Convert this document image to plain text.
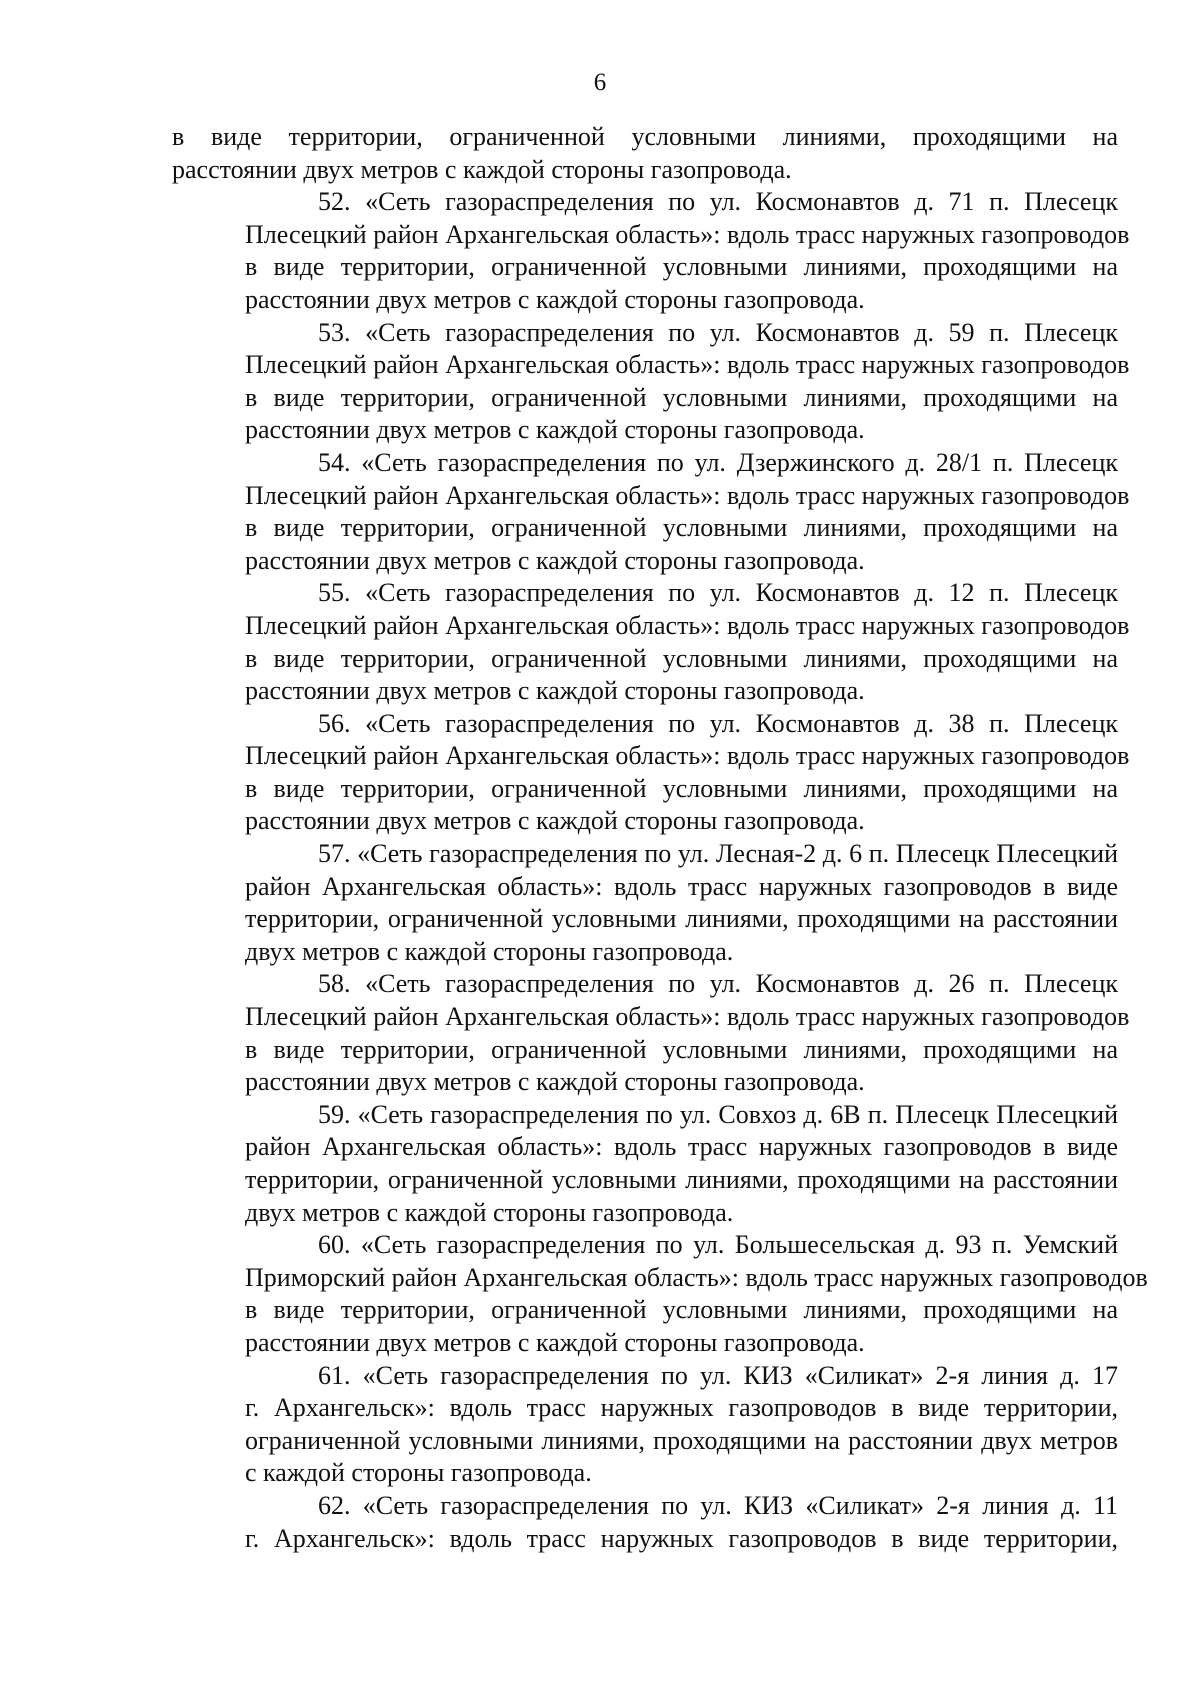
6

в виде территории, ограниченной условными линиями, проходящими на
расстоянии двух метров с каждой стороны газопровода.

52. «Сеть газораспределения по ул. Космонавтов д. 71 п. Плесецк
Плесецкий район Архангельская область»: вдоль трасс наружных газопроводов
в виде территории, ограниченной условными линиями, проходящими на
расстоянии двух метров с каждой стороны газопровода.

53. «Сеть газораспределения по ул. Космонавтов д. 59 п. Плесецк
Плесецкий район Архангельская область»: вдоль трасс наружных газопроводов
в виде территории, ограниченной условными линиями, проходящими на
расстоянии двух метров с каждой стороны газопровода.

54. «Сеть газораспределения по ул. Дзержинского д. 28/1 п. Плесецк
Плесецкий район Архангельская область»: вдоль трасс наружных газопроводов
в виде территории, ограниченной условными линиями, проходящими на
расстоянии двух метров с каждой стороны газопровода.

55. «Сеть газораспределения по ул. Космонавтов д. 12 п. Плесецк
Плесецкий район Архангельская область»: вдоль трасс наружных газопроводов
в виде территории, ограниченной условными линиями, проходящими на
расстоянии двух метров с каждой стороны газопровода.

56. «Сеть газораспределения по ул. Космонавтов д. 38 п. Плесецк
Плесецкий район Архангельская область»: вдоль трасс наружных газопроводов
в виде территории, ограниченной условными линиями, проходящими на
расстоянии двух метров с каждой стороны газопровода.

57. «Сеть газораспределения по ул. Лесная-2 д. 6 п. Плесецк Плесецкий
район Архангельская область»: вдоль трасс наружных газопроводов в виде
территории, ограниченной условными линиями, проходящими на расстоянии
двух метров с каждой стороны газопровода.

58. «Сеть газораспределения по ул. Космонавтов д. 26 п. Плесецк
Плесецкий район Архангельская область»: вдоль трасс наружных газопроводов
в виде территории, ограниченной условными линиями, проходящими на
расстоянии двух метров с каждой стороны газопровода.

59. «Сеть газораспределения по ул. Совхоз д. 6В п. Плесецк Плесецкий
район Архангельская область»: вдоль трасс наружных газопроводов в виде
территории, ограниченной условными линиями, проходящими на расстоянии
двух метров с каждой стороны газопровода.

60. «Сеть газораспределения по ул. Большесельская д. 93 п. Уемский
Приморский район Архангельская область»: вдоль трасс наружных газопроводов
в виде территории, ограниченной условными линиями, проходящими на
расстоянии двух метров с каждой стороны газопровода.

61. «Сеть газораспределения по ул. КИЗ «Силикат» 2-я линия д. 17
г. Архангельск»: вдоль трасс наружных газопроводов в виде территории,
ограниченной условными линиями, проходящими на расстоянии двух метров
с каждой стороны газопровода.

62. «Сеть газораспределения по ул. КИЗ «Силикат» 2-я линия д. 11
г. Архангельск»: вдоль трасс наружных газопроводов в виде территории,
